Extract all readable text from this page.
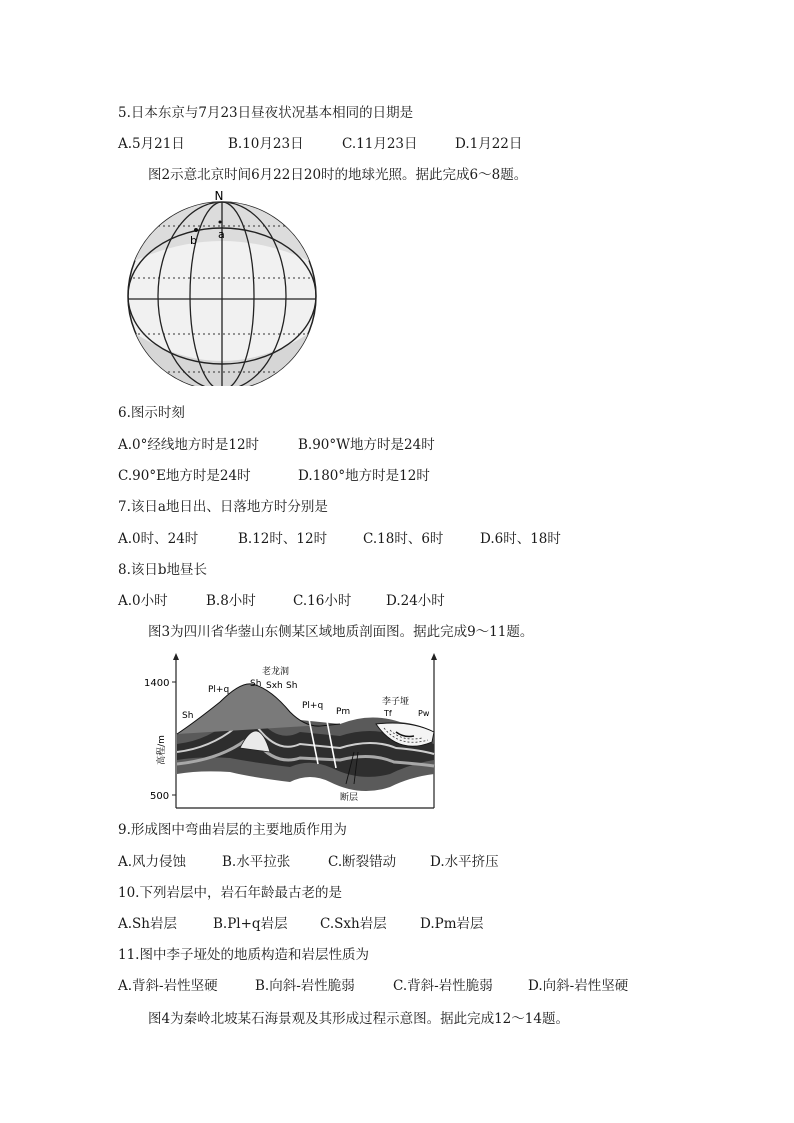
5.日本东京与7月23日昼夜状况基本相同的日期是
A.5月21日	B.10月23日	C.11月23日	D.1月22日
图2示意北京时间6月22日20时的地球光照。据此完成6～8题。
N
a
b
6.图示时刻
A.0°经线地方时是12时	B.90°W地方时是24时
C.90°E地方时是24时	D.180°地方时是12时
7.该日a地日出、日落地方时分别是
A.0时、24时	B.12时、12时	C.18时、6时	D.6时、18时
8.该日b地昼长
A.0小时	B.8小时	C.16小时	D.24小时
图3为四川省华蓥山东侧某区域地质剖面图。据此完成9～11题。
1400
500
高程/m
Sh
Pl+q
Sh
老龙洞
Sxh Sh
Pl+q
Pm
李子垭
Tf	Pw
断层
9.形成图中弯曲岩层的主要地质作用为
A.风力侵蚀	B.水平拉张	C.断裂错动	D.水平挤压
10.下列岩层中，岩石年龄最古老的是
A.Sh岩层	B.Pl+q岩层 C.Sxh岩层 D.Pm岩层
11.图中李子垭处的地质构造和岩层性质为
A.背斜-岩性坚硬	B.向斜-岩性脆弱	C.背斜-岩性脆弱	D.向斜-岩性坚硬
图4为秦岭北坡某石海景观及其形成过程示意图。据此完成12～14题。
